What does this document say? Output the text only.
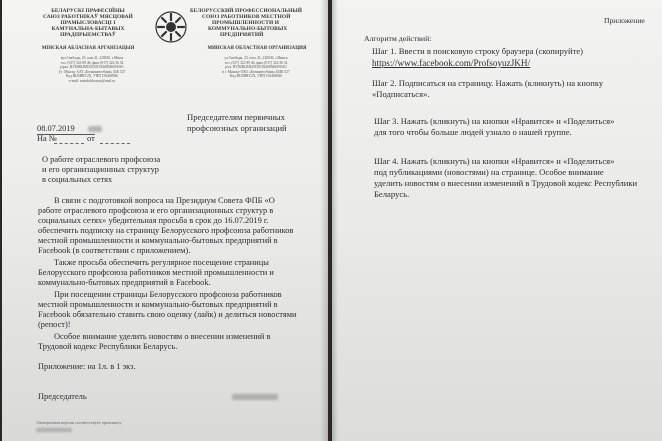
БЕЛАРУСКI ПРАФЕСIЙНЫ
САЮЗ РАБОТНIКАЎ МЯСЦОВАЙ
ПРАМЫСЛОВАСЦI I
КАМУНАЛЬНА-БЫТАВЫХ
ПРАДПРЫЕМСТВАЎ
МIНСКАЯ АБЛАСНАЯ АРГАНIЗАЦЫЯ
вул.Свабоды, 23, пам.41, 220030, г.Мiнск
тэл. (017) 323 89 46, факс (017) 324 36 32
р/рах. BY84BLBB30150192468946001061
ў г. Мiнску ААТ «Белаинвестбанк» БIК 527
Код BLBBBY2X, УНП 192468946
e-mail: minskoblsoyuz@mail.ru
БЕЛОРУССКИЙ ПРОФЕССИОНАЛЬНЫЙ
СОЮЗ РАБОТНИКОВ МЕСТНОЙ
ПРОМЫШЛЕННОСТИ И
КОММУНАЛЬНО-БЫТОВЫХ
ПРЕДПРИЯТИЙ
МИНСКАЯ ОБЛАСТНАЯ ОРГАНИЗАЦИЯ
ул.Свободы, 23, пом. 41, 220030, г.Минск
тел. (017) 323 89 46, факс (017) 324 36 32
р/сч. BY84BLBB30150192468946001061
в г. Минске ОАО «Белинвестбанк» БИК 527
Код BLBBBY2X, УНП 192468946
08.07.2019
На №	от
Председателям первичных
профсоюзных организаций
О работе отраслевого профсоюза
и его организационных структур
в социальных сетях
В связи с подготовкой вопроса на Президиум Совета ФПБ «О
работе отраслевого профсоюза и его организационных структур в
социальных сетях» убедительная просьба в срок до 16.07.2019 г.
обеспечить подписку на страницу Белорусского профсоюза работников
местной промышленности и коммунально-бытовых предприятий в
Facebook (в соответствии с приложением).
Также просьба обеспечить регулярное посещение страницы
Белорусского профсоюза работников местной промышленности и
коммунально-бытовых предприятий в Facebook.
При посещении страницы Белорусского профсоюза работников
местной промышленности и коммунально-бытовых предприятий в
Facebook обязательно ставить свою оценку (лайк) и делиться новостями
(репост)!
Особое внимание уделить новостям о внесении изменений в
Трудовой кодекс Республики Беларусь.
Приложение: на 1л. в 1 экз.
Председатель
Электронная версия соответствует оригиналу
Приложение
Алгоритм действий:
Шаг 1. Ввести в поисковую строку браузера (скопируйте)
https://www.facebook.com/ProfsoyuzJKH/
Шаг 2. Подписаться на страницу. Нажать (кликнуть) на кнопку
«Подписаться».
Шаг 3. Нажать (кликнуть) на кнопки «Нравится» и «Поделиться»
для того чтобы больше людей узнало о нашей группе.
Шаг 4. Нажать (кликнуть) на кнопки «Нравится» и «Поделиться»
под публикациями (новостями) на странице. Особое внимание
уделить новостям о внесении изменений в Трудовой кодекс Республики
Беларусь.
